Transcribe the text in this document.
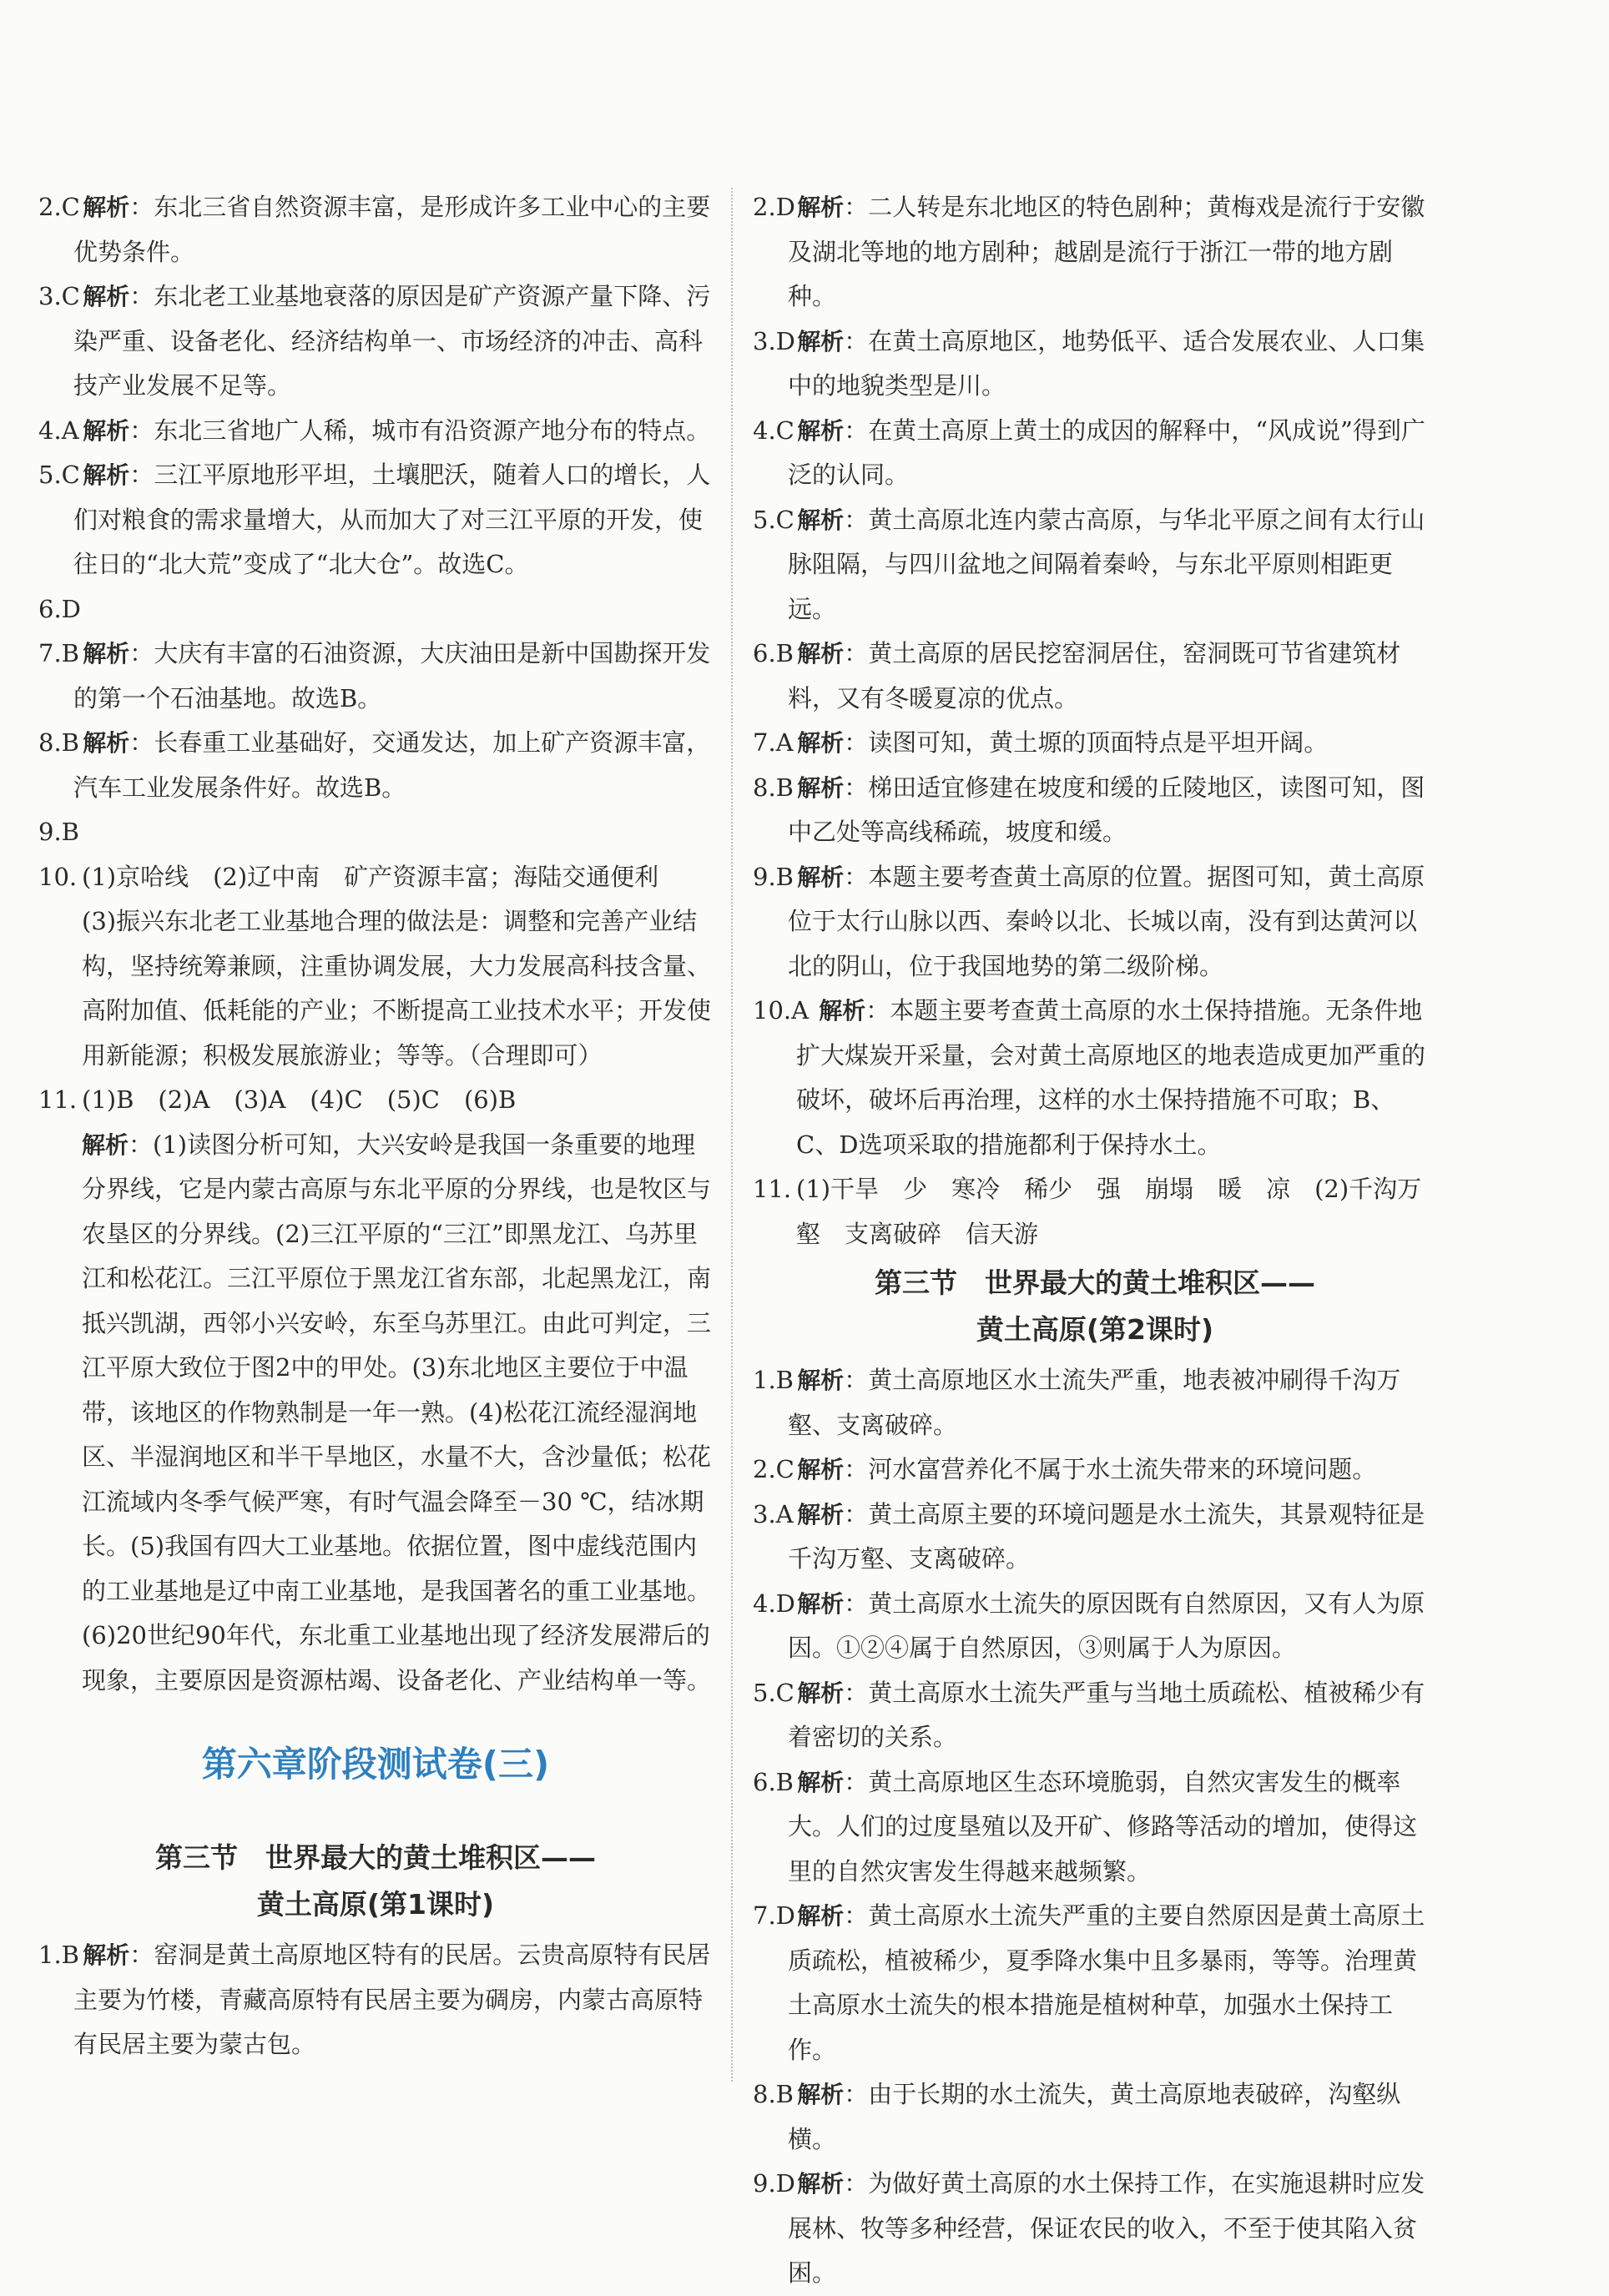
2.C 解析：东北三省自然资源丰富，是形成许多工业中心的主要优势条件。
3.C 解析：东北老工业基地衰落的原因是矿产资源产量下降、污染严重、设备老化、经济结构单一、市场经济的冲击、高科技产业发展不足等。
4.A 解析：东北三省地广人稀，城市有沿资源产地分布的特点。
5.C 解析：三江平原地形平坦，土壤肥沃，随着人口的增长，人们对粮食的需求量增大，从而加大了对三江平原的开发，使往日的“北大荒”变成了“北大仓”。故选C。
6.D
7.B 解析：大庆有丰富的石油资源，大庆油田是新中国勘探开发的第一个石油基地。故选B。
8.B 解析：长春重工业基础好，交通发达，加上矿产资源丰富，汽车工业发展条件好。故选B。
9.B
10. (1)京哈线　(2)辽中南　矿产资源丰富；海陆交通便利
(3)振兴东北老工业基地合理的做法是：调整和完善产业结构，坚持统筹兼顾，注重协调发展，大力发展高科技含量、高附加值、低耗能的产业；不断提高工业技术水平；开发使用新能源；积极发展旅游业；等等。（合理即可）
11. (1)B　(2)A　(3)A　(4)C　(5)C　(6)B
解析：(1)读图分析可知，大兴安岭是我国一条重要的地理分界线，它是内蒙古高原与东北平原的分界线，也是牧区与农垦区的分界线。(2)三江平原的“三江”即黑龙江、乌苏里江和松花江。三江平原位于黑龙江省东部，北起黑龙江，南抵兴凯湖，西邻小兴安岭，东至乌苏里江。由此可判定，三江平原大致位于图2中的甲处。(3)东北地区主要位于中温带，该地区的作物熟制是一年一熟。(4)松花江流经湿润地区、半湿润地区和半干旱地区，水量不大，含沙量低；松花江流域内冬季气候严寒，有时气温会降至－30 ℃，结冰期长。(5)我国有四大工业基地。依据位置，图中虚线范围内的工业基地是辽中南工业基地，是我国著名的重工业基地。(6)20世纪90年代，东北重工业基地出现了经济发展滞后的现象，主要原因是资源枯竭、设备老化、产业结构单一等。
第六章阶段测试卷(三)
第三节　世界最大的黄土堆积区——
黄土高原(第1课时)
1.B 解析：窑洞是黄土高原地区特有的民居。云贵高原特有民居主要为竹楼，青藏高原特有民居主要为碉房，内蒙古高原特有民居主要为蒙古包。
2.D 解析：二人转是东北地区的特色剧种；黄梅戏是流行于安徽及湖北等地的地方剧种；越剧是流行于浙江一带的地方剧种。
3.D 解析：在黄土高原地区，地势低平、适合发展农业、人口集中的地貌类型是川。
4.C 解析：在黄土高原上黄土的成因的解释中，“风成说”得到广泛的认同。
5.C 解析：黄土高原北连内蒙古高原，与华北平原之间有太行山脉阻隔，与四川盆地之间隔着秦岭，与东北平原则相距更远。
6.B 解析：黄土高原的居民挖窑洞居住，窑洞既可节省建筑材料，又有冬暖夏凉的优点。
7.A 解析：读图可知，黄土塬的顶面特点是平坦开阔。
8.B 解析：梯田适宜修建在坡度和缓的丘陵地区，读图可知，图中乙处等高线稀疏，坡度和缓。
9.B 解析：本题主要考查黄土高原的位置。据图可知，黄土高原位于太行山脉以西、秦岭以北、长城以南，没有到达黄河以北的阴山，位于我国地势的第二级阶梯。
10.A 解析：本题主要考查黄土高原的水土保持措施。无条件地扩大煤炭开采量，会对黄土高原地区的地表造成更加严重的破坏，破坏后再治理，这样的水土保持措施不可取；B、C、D选项采取的措施都利于保持水土。
11. (1)干旱　少　寒冷　稀少　强　崩塌　暖　凉　(2)千沟万壑　支离破碎　信天游
第三节　世界最大的黄土堆积区——
黄土高原(第2课时)
1.B 解析：黄土高原地区水土流失严重，地表被冲刷得千沟万壑、支离破碎。
2.C 解析：河水富营养化不属于水土流失带来的环境问题。
3.A 解析：黄土高原主要的环境问题是水土流失，其景观特征是千沟万壑、支离破碎。
4.D 解析：黄土高原水土流失的原因既有自然原因，又有人为原因。①②④属于自然原因，③则属于人为原因。
5.C 解析：黄土高原水土流失严重与当地土质疏松、植被稀少有着密切的关系。
6.B 解析：黄土高原地区生态环境脆弱，自然灾害发生的概率大。人们的过度垦殖以及开矿、修路等活动的增加，使得这里的自然灾害发生得越来越频繁。
7.D 解析：黄土高原水土流失严重的主要自然原因是黄土高原土质疏松，植被稀少，夏季降水集中且多暴雨，等等。治理黄土高原水土流失的根本措施是植树种草，加强水土保持工作。
8.B 解析：由于长期的水土流失，黄土高原地表破碎，沟壑纵横。
9.D 解析：为做好黄土高原的水土保持工作，在实施退耕时应发展林、牧等多种经营，保证农民的收入，不至于使其陷入贫困。
